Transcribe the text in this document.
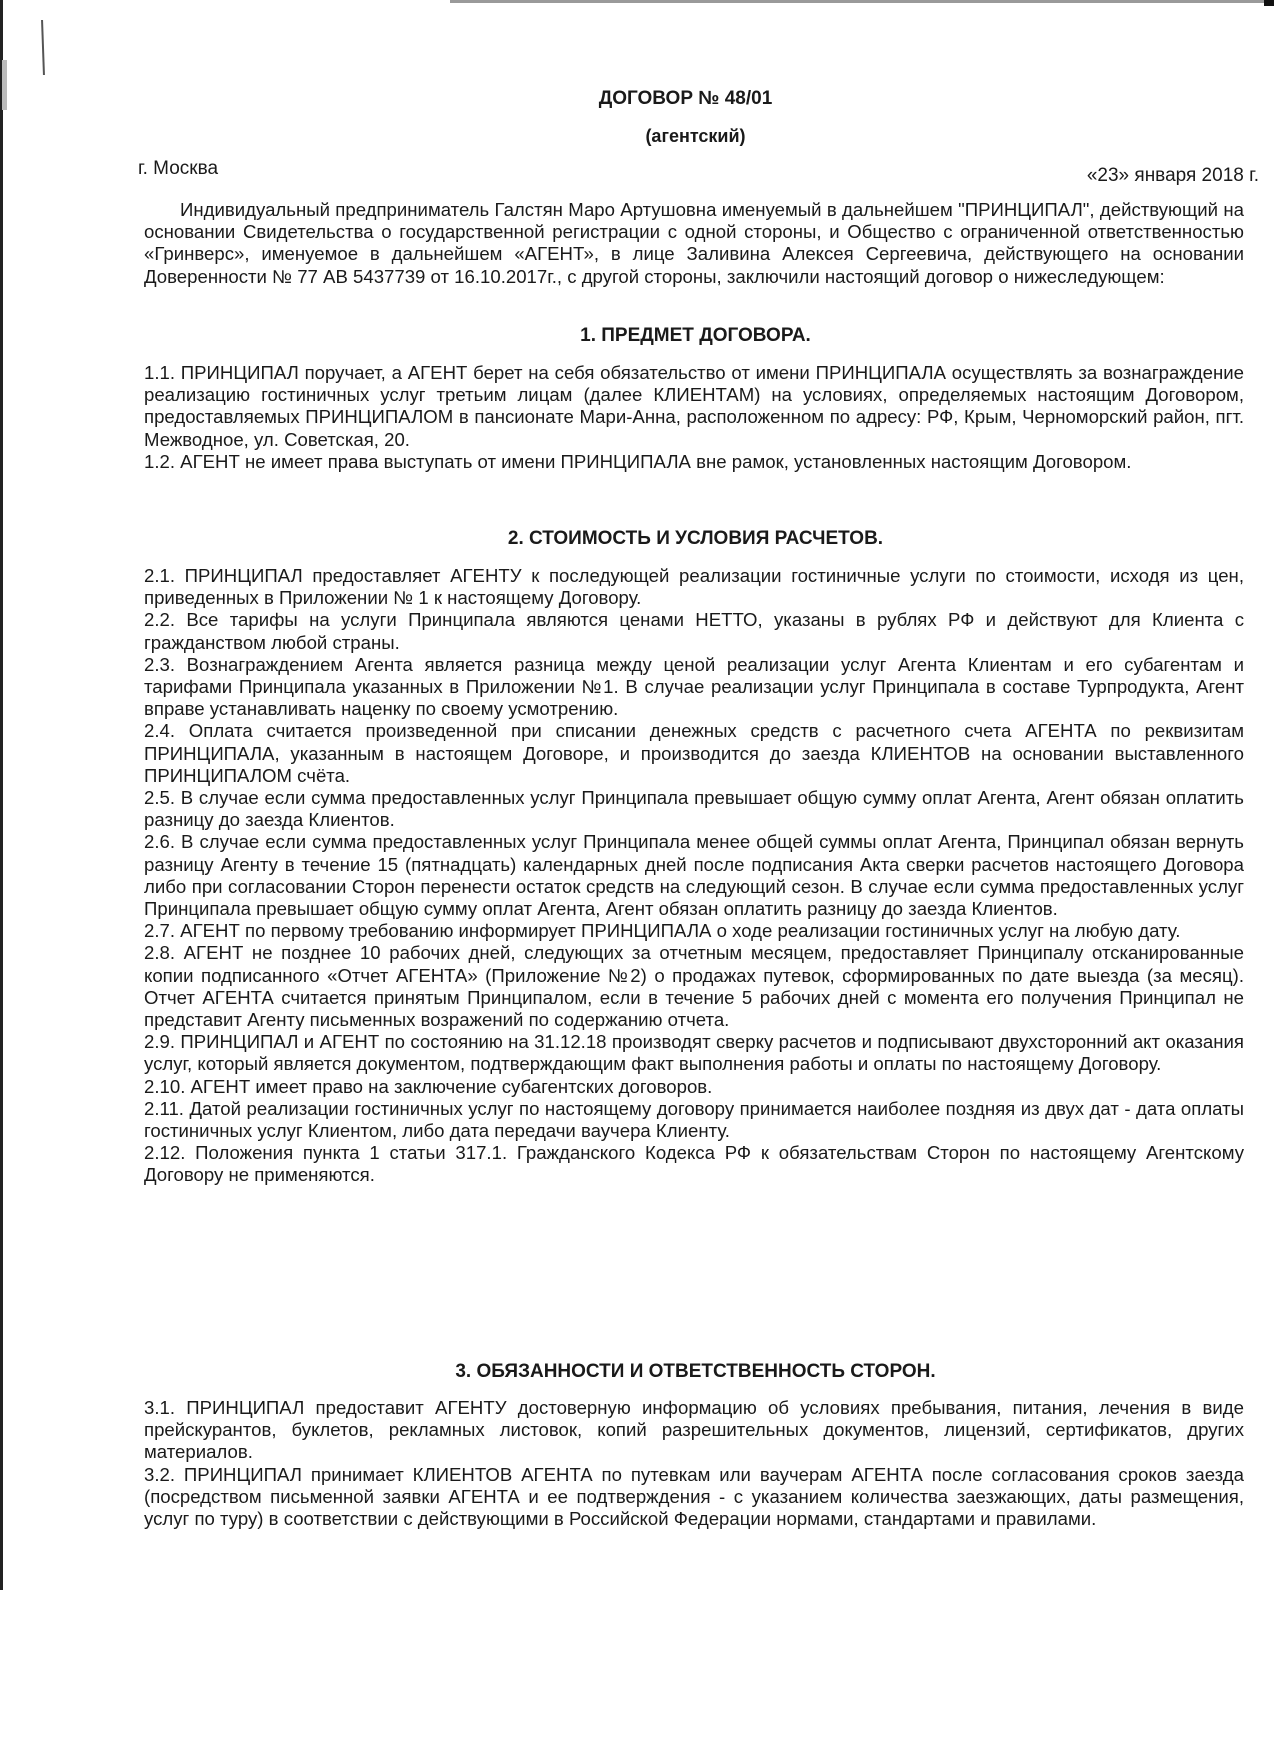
ДОГОВОР № 48/01
(агентский)
г. Москва	«23» января 2018 г.

Индивидуальный предприниматель Галстян Маро Артушовна именуемый в дальнейшем "ПРИНЦИПАЛ", действующий на основании Свидетельства о государственной регистрации с одной стороны, и Общество с ограниченной ответственностью «Гринверс», именуемое в дальнейшем «АГЕНТ», в лице Заливина Алексея Сергеевича, действующего на основании Доверенности № 77 АВ 5437739 от 16.10.2017г., с другой стороны, заключили настоящий договор о нижеследующем:

1. ПРЕДМЕТ ДОГОВОРА.

1.1. ПРИНЦИПАЛ поручает, а АГЕНТ берет на себя обязательство от имени ПРИНЦИПАЛА осуществлять за вознаграждение реализацию гостиничных услуг третьим лицам (далее КЛИЕНТАМ) на условиях, определяемых настоящим Договором, предоставляемых ПРИНЦИПАЛОМ в пансионате Мари-Анна, расположенном по адресу: РФ, Крым, Черноморский район, пгт. Межводное, ул. Советская, 20.

1.2. АГЕНТ не имеет права выступать от имени ПРИНЦИПАЛА вне рамок, установленных настоящим Договором.

2. СТОИМОСТЬ И УСЛОВИЯ РАСЧЕТОВ.

2.1. ПРИНЦИПАЛ предоставляет АГЕНТУ к последующей реализации гостиничные услуги по стоимости, исходя из цен, приведенных в Приложении № 1 к настоящему Договору.

2.2. Все тарифы на услуги Принципала являются ценами НЕТТО, указаны в рублях РФ и действуют для Клиента с гражданством любой страны.

2.3. Вознаграждением Агента является разница между ценой реализации услуг Агента Клиентам и его субагентам и тарифами Принципала указанных в Приложении №1. В случае реализации услуг Принципала в составе Турпродукта, Агент вправе устанавливать наценку по своему усмотрению.

2.4. Оплата считается произведенной при списании денежных средств с расчетного счета АГЕНТА по реквизитам ПРИНЦИПАЛА, указанным в настоящем Договоре, и производится до заезда КЛИЕНТОВ на основании выставленного ПРИНЦИПАЛОМ счёта.

2.5. В случае если сумма предоставленных услуг Принципала превышает общую сумму оплат Агента, Агент обязан оплатить разницу до заезда Клиентов.

2.6. В случае если сумма предоставленных услуг Принципала менее общей суммы оплат Агента, Принципал обязан вернуть разницу Агенту в течение 15 (пятнадцать) календарных дней после подписания Акта сверки расчетов настоящего Договора либо при согласовании Сторон перенести остаток средств на следующий сезон. В случае если сумма предоставленных услуг Принципала превышает общую сумму оплат Агента, Агент обязан оплатить разницу до заезда Клиентов.

2.7. АГЕНТ по первому требованию информирует ПРИНЦИПАЛА о ходе реализации гостиничных услуг на любую дату.

2.8. АГЕНТ не позднее 10 рабочих дней, следующих за отчетным месяцем, предоставляет Принципалу отсканированные копии подписанного «Отчет АГЕНТА» (Приложение №2) о продажах путевок, сформированных по дате выезда (за месяц). Отчет АГЕНТА считается принятым Принципалом, если в течение 5 рабочих дней с момента его получения Принципал не представит Агенту письменных возражений по содержанию отчета.

2.9. ПРИНЦИПАЛ и АГЕНТ по состоянию на 31.12.18 производят сверку расчетов и подписывают двухсторонний акт оказания услуг, который является документом, подтверждающим факт выполнения работы и оплаты по настоящему Договору.

2.10. АГЕНТ имеет право на заключение субагентских договоров.

2.11. Датой реализации гостиничных услуг по настоящему договору принимается наиболее поздняя из двух дат - дата оплаты гостиничных услуг Клиентом, либо дата передачи ваучера Клиенту.

2.12. Положения пункта 1 статьи 317.1. Гражданского Кодекса РФ к обязательствам Сторон по настоящему Агентскому Договору не применяются.

3. ОБЯЗАННОСТИ И ОТВЕТСТВЕННОСТЬ СТОРОН.

3.1. ПРИНЦИПАЛ предоставит АГЕНТУ достоверную информацию об условиях пребывания, питания, лечения в виде прейскурантов, буклетов, рекламных листовок, копий разрешительных документов, лицензий, сертификатов, других материалов.

3.2. ПРИНЦИПАЛ принимает КЛИЕНТОВ АГЕНТА по путевкам или ваучерам АГЕНТА после согласования сроков заезда (посредством письменной заявки АГЕНТА и ее подтверждения - с указанием количества заезжающих, даты размещения, услуг по туру) в соответствии с действующими в Российской Федерации нормами, стандартами и правилами.
